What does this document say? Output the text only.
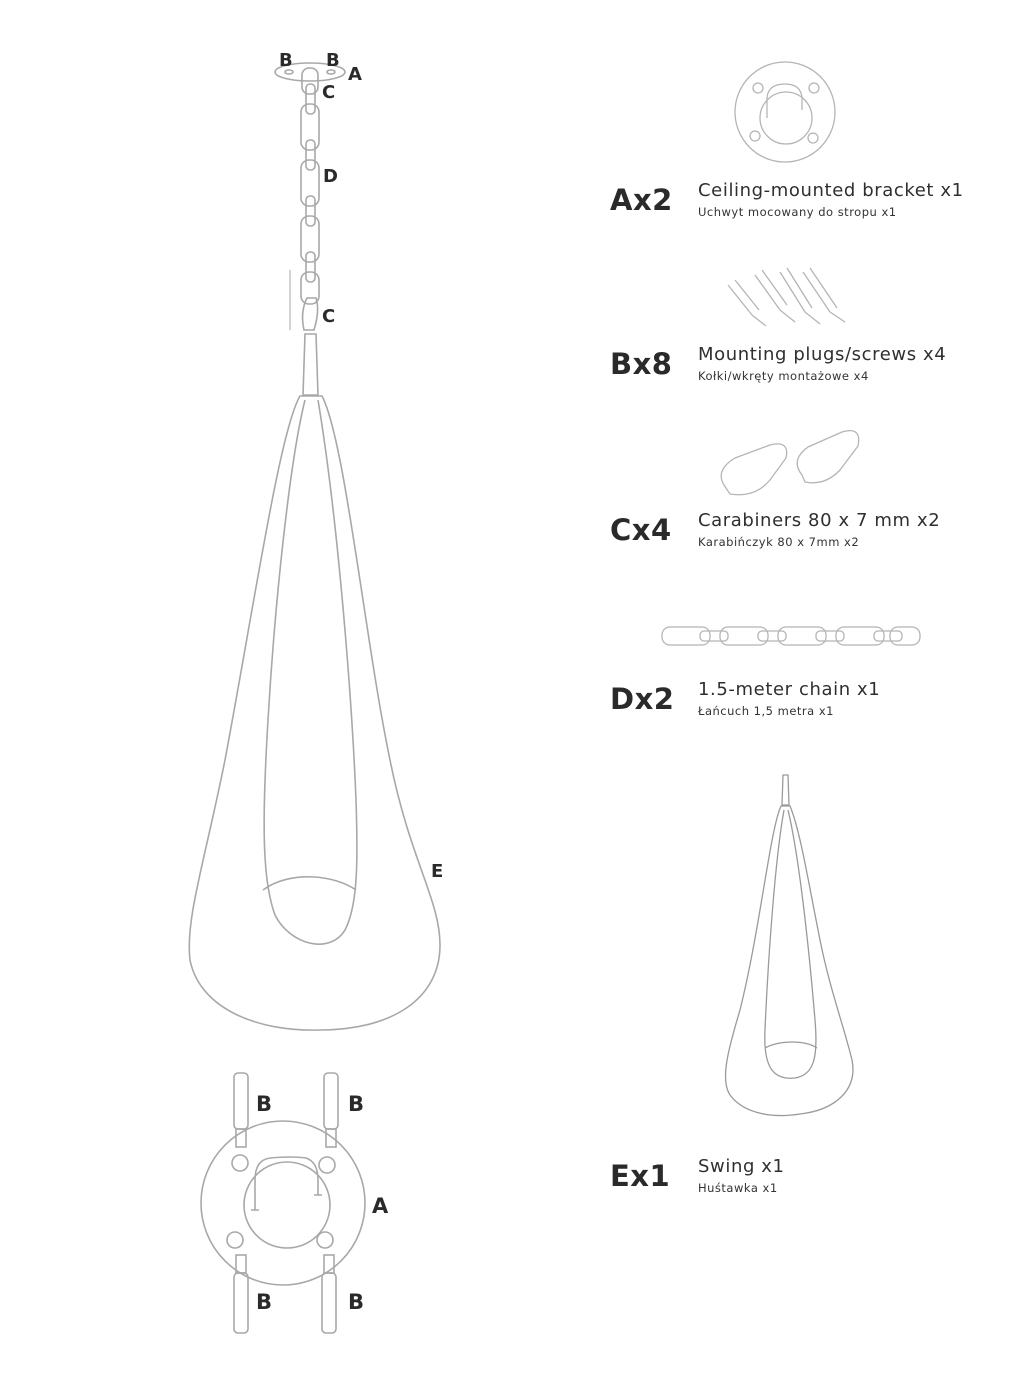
B B
A
C
D
C
E
B	B
A
B	B
Ax2	Ceiling-mounted bracket x1
Uchwyt mocowany do stropu x1
Bx8	Mounting plugs/screws x4
Kołki/wkręty montażowe x4
Cx4	Carabiners 80 x 7 mm x2
Karabińczyk 80 x 7mm x2
Dx2	1.5-meter chain x1
Łańcuch 1,5 metra x1
Ex1	Swing x1
Huśtawka x1
